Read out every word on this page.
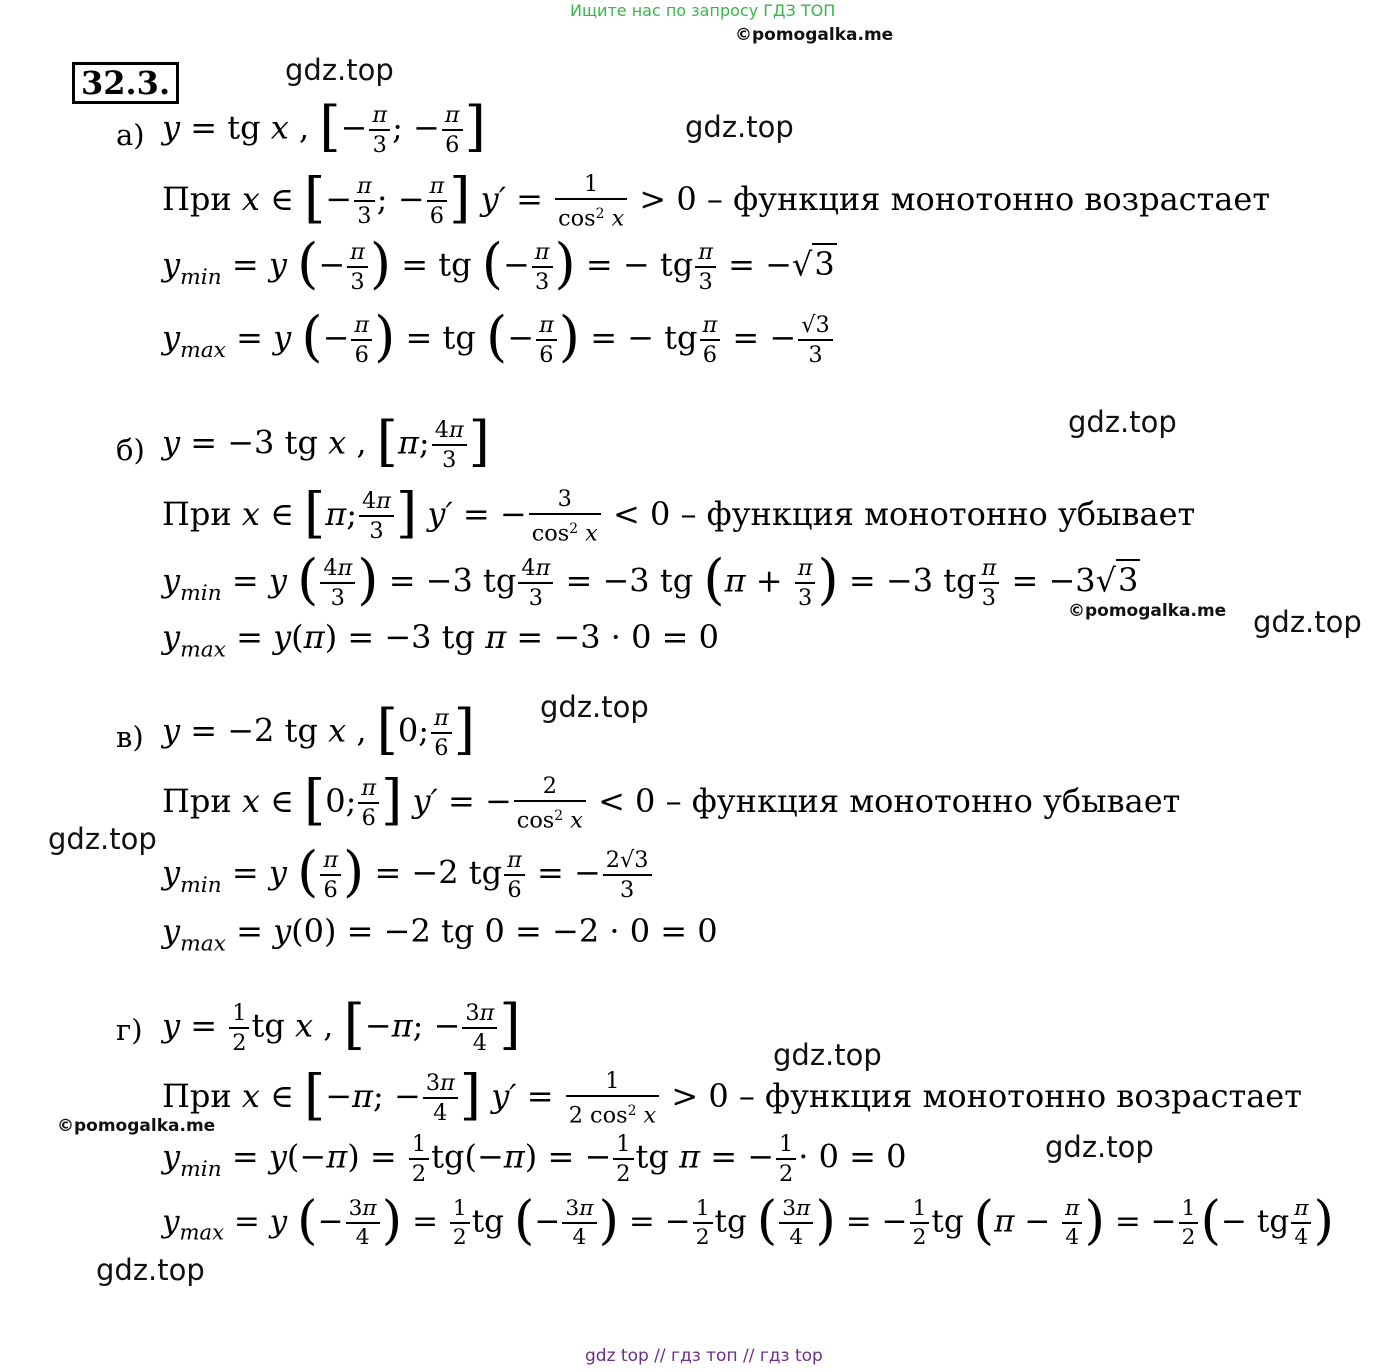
Ищите нас по запросу ГДЗ ТОП
©pomogalka.me
32.3.	gdz.top
gdz.top
gdz.top
gdz.top
gdz.top
gdz.top
gdz.top
gdz.top
gdz.top
©pomogalka.me
©pomogalka.me
а) y = tg x , [− $\frac{\pi}{3}$ ; − $\frac{\pi}{6}$ ]
При x ∈ [− $\frac{\pi}{3}$ ; − $\frac{\pi}{6}$ ] $y' = \frac{1}{\cos^2 x} > 0$ – функция монотонно возрастает
$y_{min} = y$ (− $\frac{\pi}{3}$ ) = tg (− $\frac{\pi}{3}$ ) = − tg $\frac{\pi}{3} = -√3$
$y_{max} = y$ (− $\frac{\pi}{6}$ ) = tg (− $\frac{\pi}{6}$ ) = − tg $\frac{\pi}{6}$ = − $\frac{√3}{3}$
б) y = −3 tg x , [π; $\frac{4\pi}{3}$ ]
При x ∈ [π; $\frac{4\pi}{3}$ ] y′ = − $\frac{3}{\cos^2 x} < 0$ – функция монотонно убывает
$y_{min} = y$ ( $\frac{4\pi}{3}$ ) = −3 tg $\frac{4\pi}{3} = -3$ tg ($\pi + \frac{\pi}{3}$ ) = −3 tg $\frac{\pi}{3} = -3√3$
$y_{max} = y(\pi) = -3$ tg π = −3 · 0 = 0
в) y = −2 tg x , [0; $\frac{\pi}{6}$ ]
При x ∈ [0; $\frac{\pi}{6}$ ] y′ = − $\frac{2}{\cos^2 x} < 0$ – функция монотонно убывает
$y_{min} = y$ ( $\frac{\pi}{6}$ ) = −2 tg $\frac{\pi}{6}$ = − $\frac{2√3}{3}$
$y_{max} = y(0) = -2$ tg 0 = −2 · 0 = 0
г) $y = \frac{1}{2}$ tg x , [−π; − $\frac{3\pi}{4}$ ]
При x ∈ [−π; − $\frac{3\pi}{4}$ ] $y' = \frac{1}{2 \cos^2 x} > 0$ – функция монотонно возрастает
$y_{min} = y(-\pi) = \frac{1}{2} tg(-\pi)$ = − $\frac{1}{2}$ tg π = − $\frac{1}{2} \cdot 0 = 0$
$y_{max} = y$ (− $\frac{3\pi}{4}$ ) = $\frac{1}{2}$ tg (− $\frac{3\pi}{4}$ ) = − $\frac{1}{2}$ tg ( $\frac{3\pi}{4}$ ) = − $\frac{1}{2}$ tg ($\pi - \frac{\pi}{4}$ ) = − $\frac{1}{2}$ (− tg $\frac{\pi}{4}$ )
gdz top // гдз топ // гдз top
